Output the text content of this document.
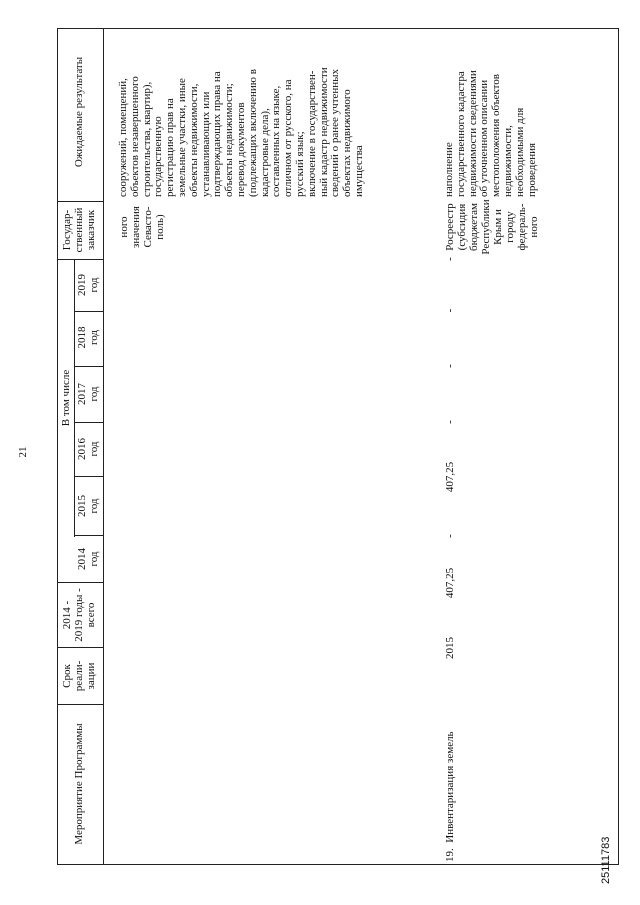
21
Мероприятие Программы
Срок реали- зации
2014 - 2019 годы - всего
В том числе
2014 год
2015 год
2016 год
2017 год
2018 год
2019 год
Государ- ственный заказчик
Ожидаемые результаты
ного значения Севасто- поль)
сооружений, помещений, объектов незавершенного строительства, квартир), государственную регистрацию прав на земельные участки, иные объекты недвижимости, устанавливающих или подтверждающих права на объекты недвижимости; перевод документов (подлежащих включению в кадастровые дела), составленных на языке, отличном от русского, на русский язык; включение в государствен- ный кадастр недвижимости сведений о ранее учтенных объектах недвижимого имущества
19.  Инвентаризация земель
2015
407,25
-
407,25
-
-
-
-
Росреестр (субсидия бюджетам Республики Крым и городу федераль- ного
наполнение государственного кадастра недвижимости сведениями об уточненном описании местоположения объектов недвижимости, необходимыми для проведения
25111783
